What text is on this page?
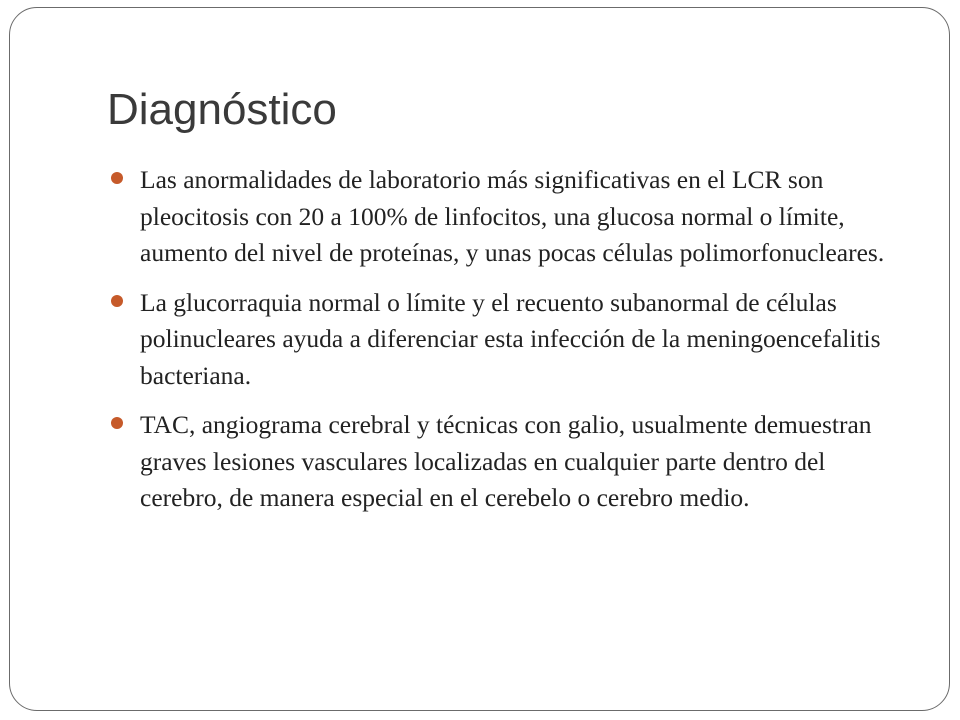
Diagnóstico
Las anormalidades de laboratorio más significativas en el LCR son pleocitosis con 20 a 100% de linfocitos, una glucosa normal o límite, aumento del nivel de proteínas, y unas pocas células polimorfonucleares.
La glucorraquia normal o límite y el recuento subanormal de células polinucleares ayuda a diferenciar esta infección de la meningoencefalitis bacteriana.
TAC, angiograma cerebral y técnicas con galio, usualmente demuestran graves lesiones vasculares localizadas en cualquier parte dentro del cerebro, de manera especial en el cerebelo o cerebro medio.
